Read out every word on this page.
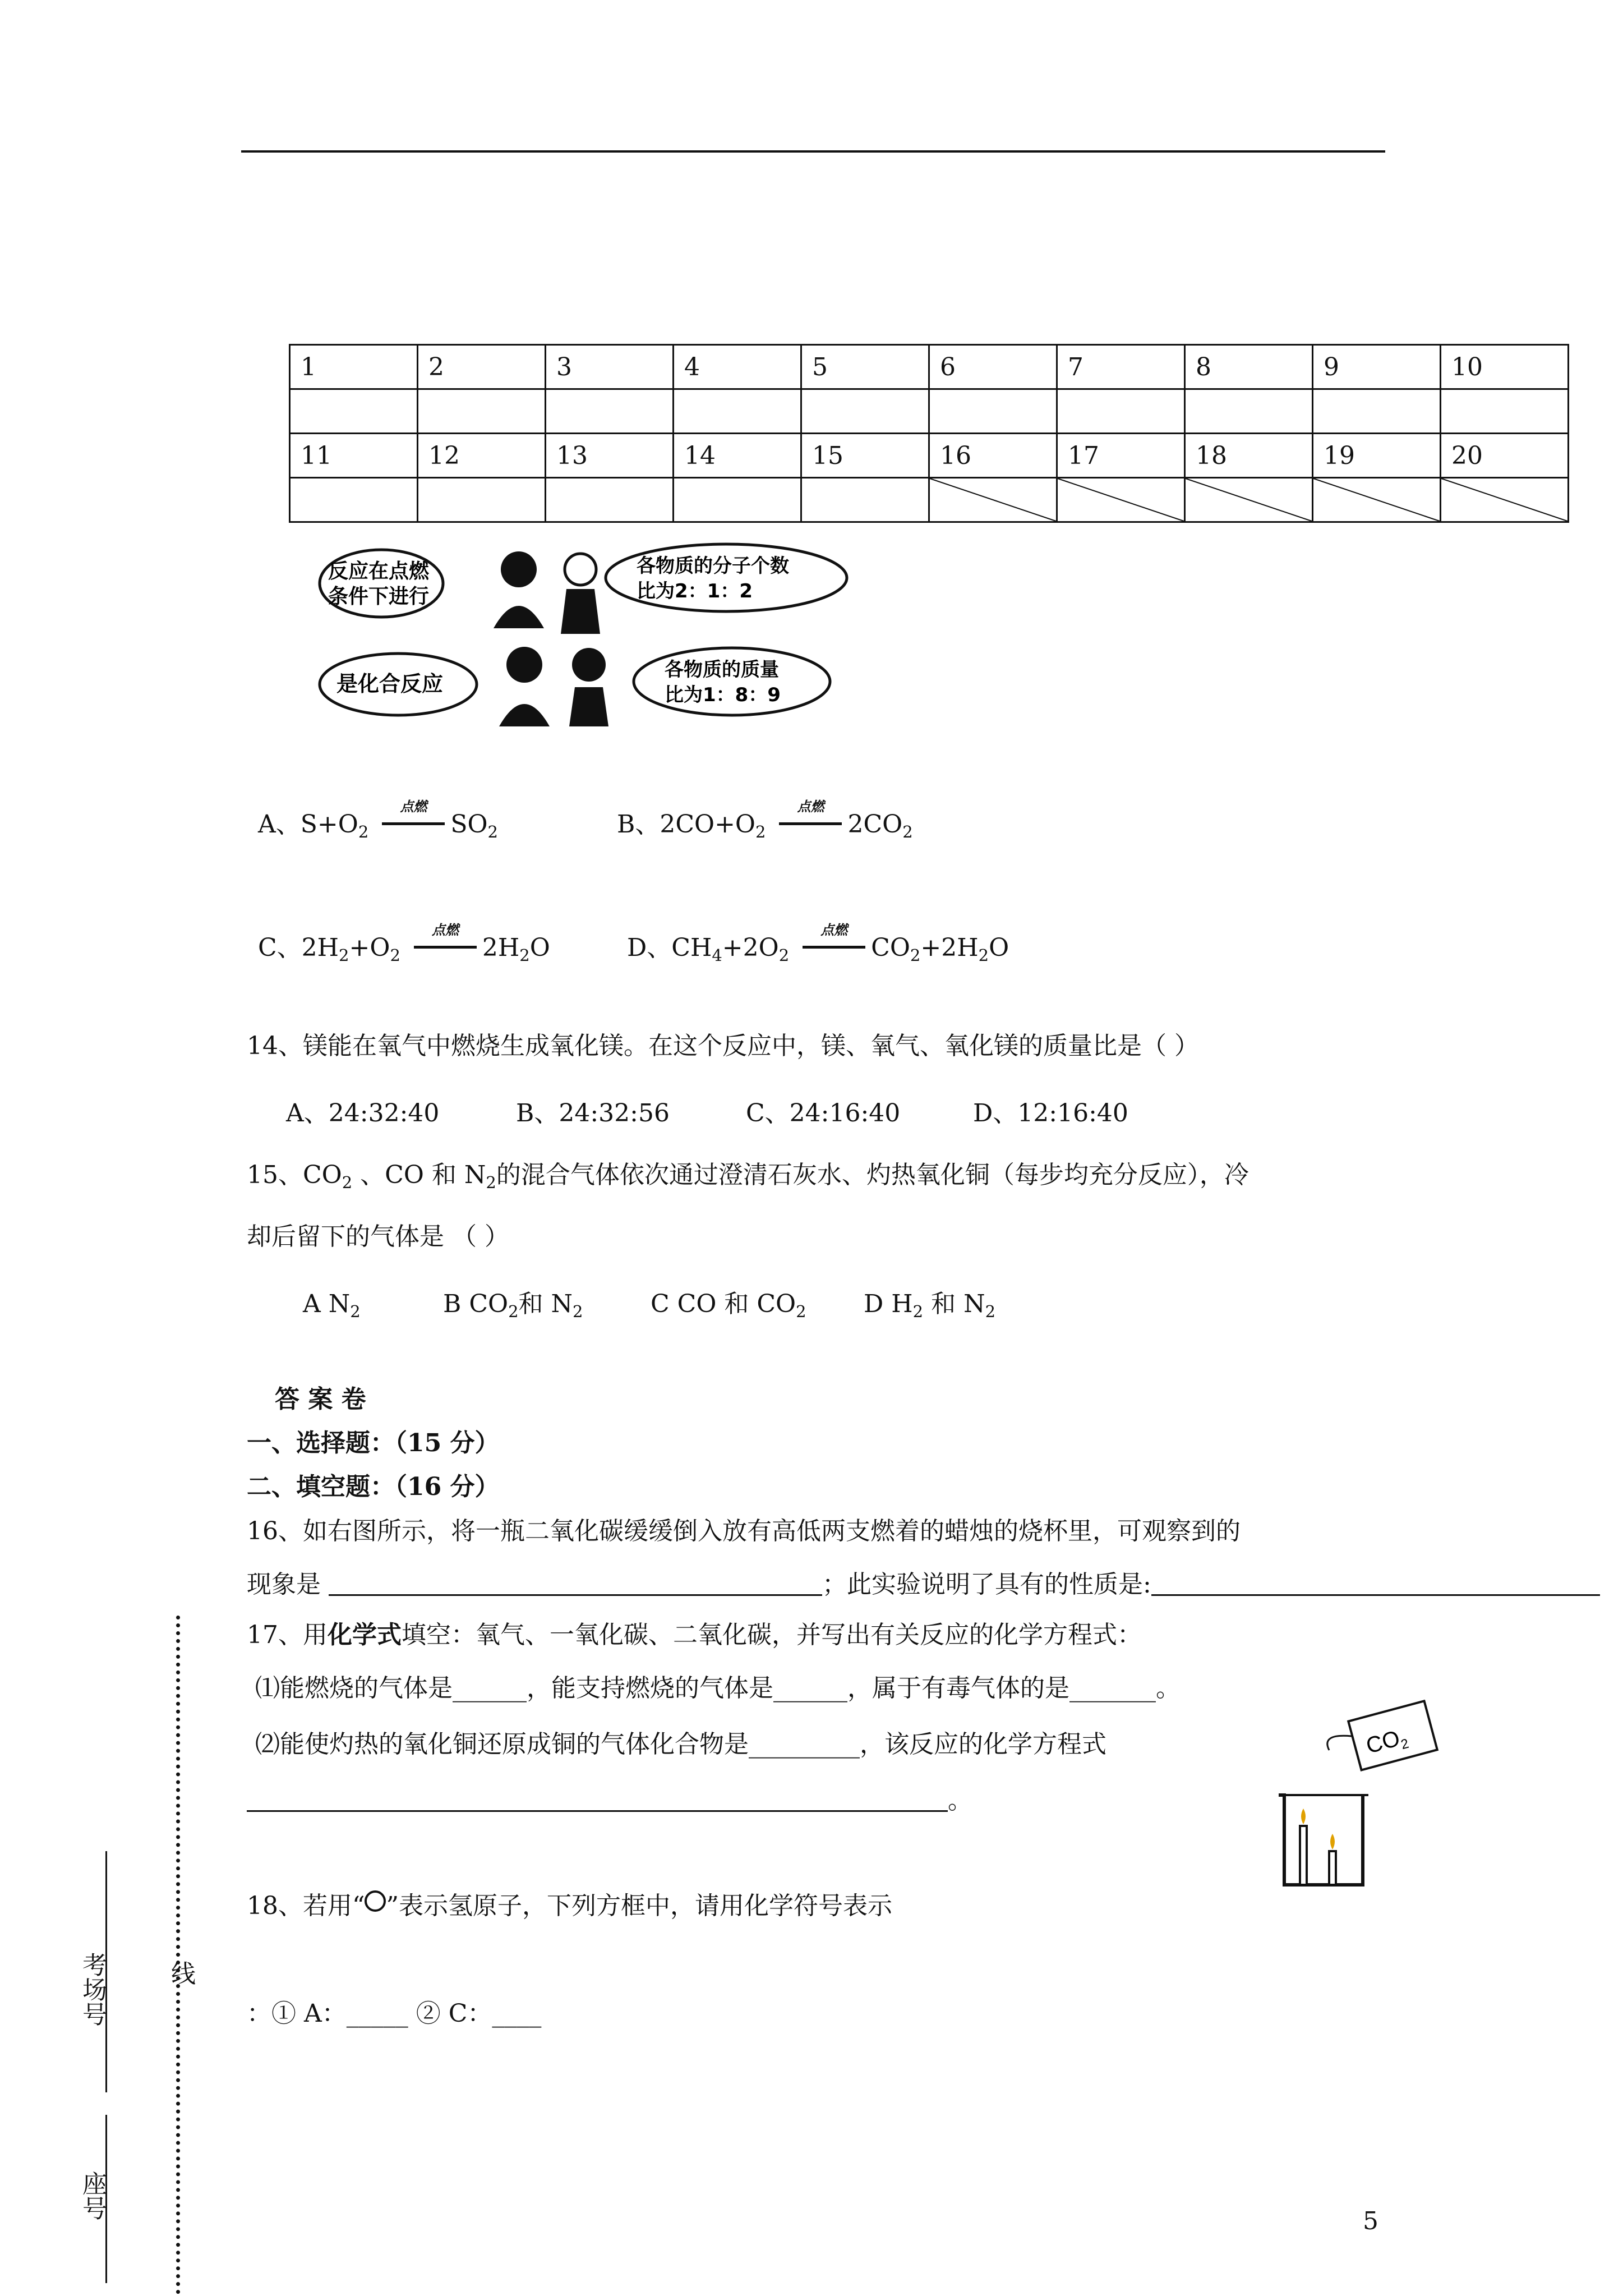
1	2	3	4	5	6	7	8	9	10

11	12	13	14	15	16	17	18	19	20

反应在点燃
条件下进行
各物质的分子个数
比为2：1：2
是化合反应
各物质的质量
比为1：8：9
A、$S+O_2$
点燃
$SO_2$	B、$2CO+O_2$
点燃
$2CO_2$
C、$2H_2+O_2$
点燃
$2H_2O$	D、$CH_4+2O_2$
点燃
$CO_2+2H_2O$
14、镁能在氧气中燃烧生成氧化镁。在这个反应中，镁、氧气、氧化镁的质量比是（ ）
A、24:32:40	B、24:32:56	C、24:16:40	D、12:16:40
15、$CO_2$ 、CO 和 $N_2$的混合气体依次通过澄清石灰水、灼热氧化铜（每步均充分反应），冷
却后留下的气体是 （ ）
A $N_2$	B $CO_2$和 $N_2$	C CO 和 $CO_2$ D $H_2$ 和 $N_2$
答 案 卷
一、选择题：（15 分）
二、填空题：（16 分）
16、如右图所示，将一瓶二氧化碳缓缓倒入放有高低两支燃着的蜡烛的烧杯里，可观察到的
现象是	；此实验说明了具有的性质是:
17、用化学式填空：氧气、一氧化碳、二氧化碳，并写出有关反应的化学方程式：
⑴能燃烧的气体是______，能支持燃烧的气体是______，属于有毒气体的是_______。
⑵能使灼热的氧化铜还原成铜的气体化合物是_________，该反应的化学方程式
。
$CO_2$
18、若用“ ”表示氢原子，下列方框中，请用化学符号表示
：① A：_____ ② C：____
考场号
座号
线
5
